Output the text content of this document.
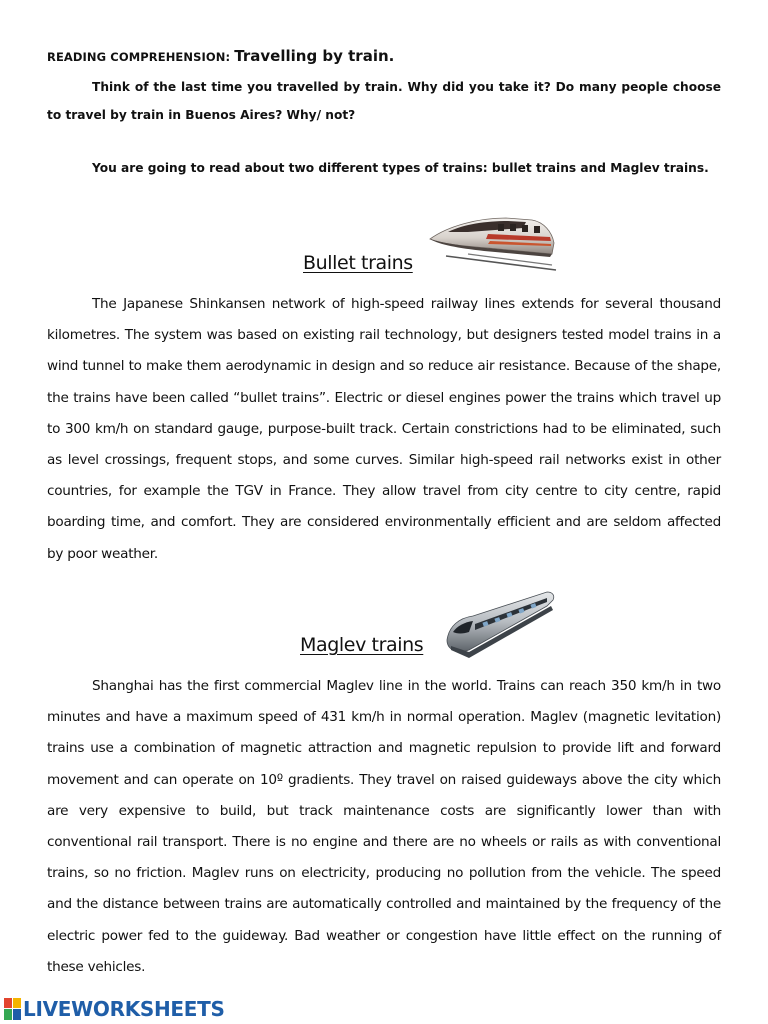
READING COMPREHENSION: Travelling by train.

Think of the last time you travelled by train. Why did you take it? Do many people choose to travel by train in Buenos Aires? Why/ not?

You are going to read about two different types of trains: bullet trains and Maglev trains.

Bullet trains

The Japanese Shinkansen network of high-speed railway lines extends for several thousand kilometres. The system was based on existing rail technology, but designers tested model trains in a wind tunnel to make them aerodynamic in design and so reduce air resistance. Because of the shape, the trains have been called “bullet trains”. Electric or diesel engines power the trains which travel up to 300 km/h on standard gauge, purpose-built track. Certain constrictions had to be eliminated, such as level crossings, frequent stops, and some curves. Similar high-speed rail networks exist in other countries, for example the TGV in France. They allow travel from city centre to city centre, rapid boarding time, and comfort. They are considered environmentally efficient and are seldom affected by poor weather.

Maglev trains

Shanghai has the first commercial Maglev line in the world. Trains can reach 350 km/h in two minutes and have a maximum speed of 431 km/h in normal operation. Maglev (magnetic levitation) trains use a combination of magnetic attraction and magnetic repulsion to provide lift and forward movement and can operate on 10º gradients. They travel on raised guideways above the city which are very expensive to build, but track maintenance costs are significantly lower than with conventional rail transport. There is no engine and there are no wheels or rails as with conventional trains, so no friction. Maglev runs on electricity, producing no pollution from the vehicle. The speed and the distance between trains are automatically controlled and maintained by the frequency of the electric power fed to the guideway. Bad weather or congestion have little effect on the running of these vehicles.

LIVEWORKSHEETS
